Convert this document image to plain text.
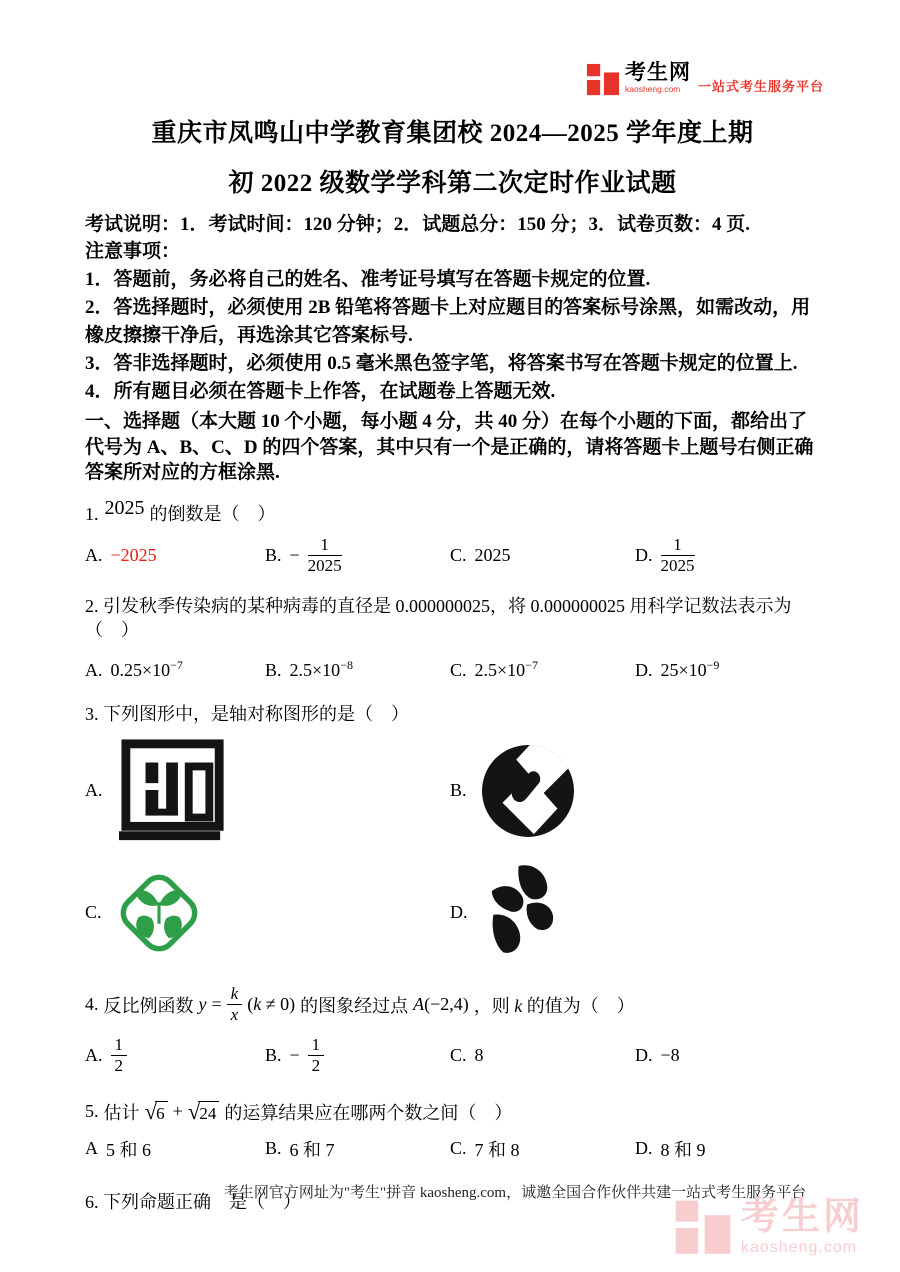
考生网
kaosheng.com	一站式考生服务平台
重庆市凤鸣山中学教育集团校 2024—2025 学年度上期
初 2022 级数学学科第二次定时作业试题
考试说明：1．考试时间：120 分钟；2．试题总分：150 分；3．试卷页数：4 页.
注意事项：
1．答题前，务必将自己的姓名、准考证号填写在答题卡规定的位置.
2．答选择题时，必须使用 2B 铅笔将答题卡上对应题目的答案标号涂黑，如需改动，用橡皮擦擦干净后，再选涂其它答案标号.
3．答非选择题时，必须使用 0.5 毫米黑色签字笔，将答案书写在答题卡规定的位置上.
4．所有题目必须在答题卡上作答，在试题卷上答题无效.
一、选择题（本大题 10 个小题，每小题 4 分，共 40 分）在每个小题的下面，都给出了代号为 A、B、C、D 的四个答案，其中只有一个是正确的，请将答题卡上题号右侧正确答案所对应的方框涂黑.
1. 2025 的倒数是（　）
A. −2025	B. − $\frac{1}{2025}$	C. 2025	D. $\frac{1}{2025}$
2. 引发秋季传染病的某种病毒的直径是 0.000000025，将 0.000000025 用科学记数法表示为（　）
A. $0.25\times 10^{-7}$	B. $2.5\times 10^{-8}$	C. $2.5\times 10^{-7}$	D. $25\times 10^{-9}$
3. 下列图形中，是轴对称图形的是（　）
A.	B.
C.	D.
4. 反比例函数 $y = \frac{k}{x} (k \ne 0)$ 的图象经过点 A(−2,4) ，则 k 的值为（　）
A. $\frac{1}{2}$	B. − $\frac{1}{2}$	C. 8	D. −8
5. 估计 √ 6 + √ 24 的运算结果应在哪两个数之间（　）
A 5 和 6	B. 6 和 7	C. 7 和 8	D. 8 和 9
6. 下列命题正确　是（　）
考生网官方网址为"考生"拼音 kaosheng.com，诚邀全国合作伙伴共建一站式考生服务平台
考生网
kaosheng.com
